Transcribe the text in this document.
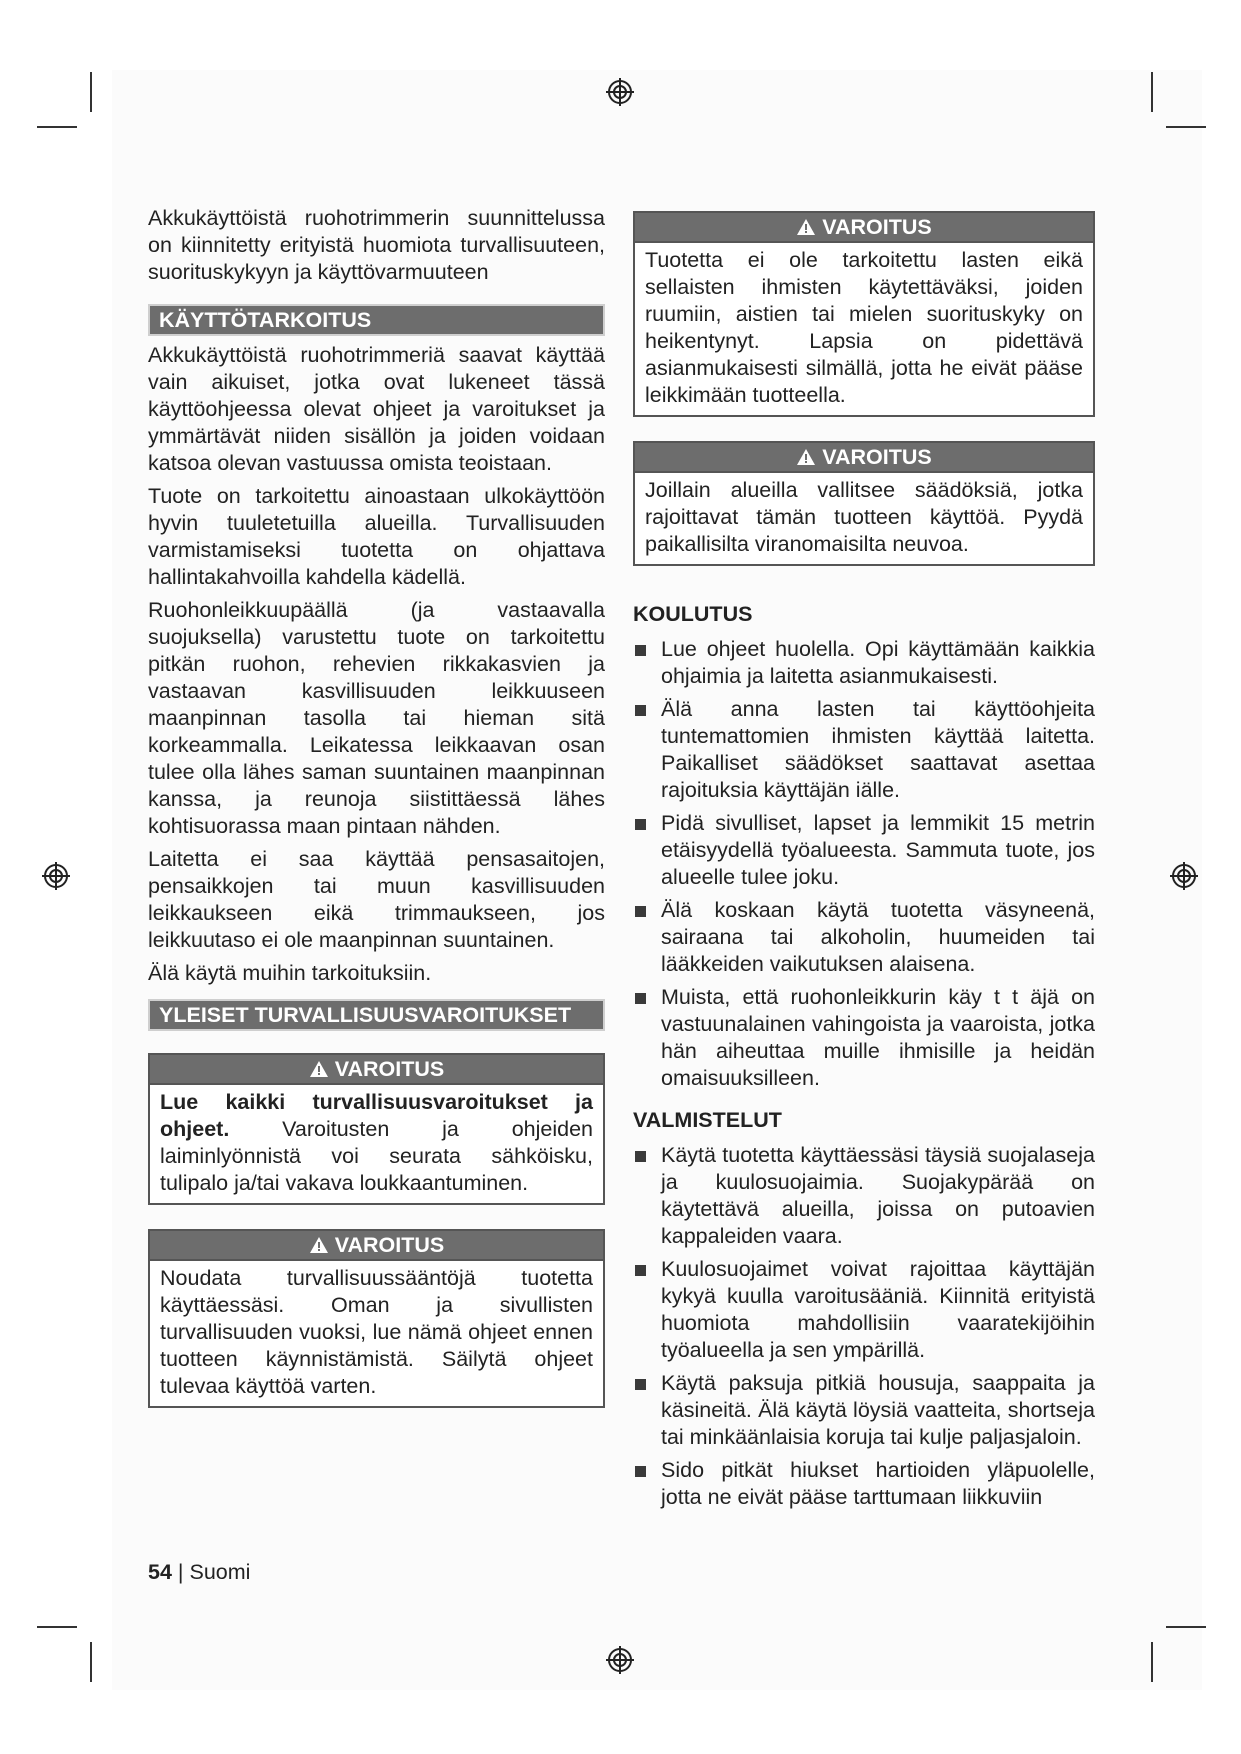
Akkukäyttöistä ruohotrimmerin suunnittelussa on kiinnitetty erityistä huomiota turvallisuuteen, suorituskykyyn ja käyttövarmuuteen

KÄYTTÖTARKOITUS

Akkukäyttöistä ruohotrimmeriä saavat käyttää vain aikuiset, jotka ovat lukeneet tässä käyttöohjeessa olevat ohjeet ja varoitukset ja ymmärtävät niiden sisällön ja joiden voidaan katsoa olevan vastuussa omista teoistaan.

Tuote on tarkoitettu ainoastaan ulkokäyttöön hyvin tuuletetuilla alueilla. Turvallisuuden varmistamiseksi tuotetta on ohjattava hallintakahvoilla kahdella kädellä.

Ruohonleikkuupäällä (ja vastaavalla suojuksella) varustettu tuote on tarkoitettu pitkän ruohon, rehevien rikkakasvien ja vastaavan kasvillisuuden leikkuuseen maanpinnan tasolla tai hieman sitä korkeammalla. Leikatessa leikkaavan osan tulee olla lähes saman suuntainen maanpinnan kanssa, ja reunoja siistittäessä lähes kohtisuorassa maan pintaan nähden.

Laitetta ei saa käyttää pensasaitojen, pensaikkojen tai muun kasvillisuuden leikkaukseen eikä trimmaukseen, jos leikkuutaso ei ole maanpinnan suuntainen.

Älä käytä muihin tarkoituksiin.

YLEISET TURVALLISUUSVAROITUKSET
VAROITUS

Lue kaikki turvallisuusvaroitukset ja ohjeet. Varoitusten ja ohjeiden laiminlyönnistä voi seurata sähköisku, tulipalo ja/tai vakava loukkaantuminen.

VAROITUS

Noudata turvallisuussääntöjä tuotetta käyttäessäsi. Oman ja sivullisten turvallisuuden vuoksi, lue nämä ohjeet ennen tuotteen käynnistämistä. Säilytä ohjeet tulevaa käyttöä varten.

VAROITUS

Tuotetta ei ole tarkoitettu lasten eikä sellaisten ihmisten käytettäväksi, joiden ruumiin, aistien tai mielen suorituskyky on heikentynyt. Lapsia on pidettävä asianmukaisesti silmällä, jotta he eivät pääse leikkimään tuotteella.

VAROITUS

Joillain alueilla vallitsee säädöksiä, jotka rajoittavat tämän tuotteen käyttöä. Pyydä paikallisilta viranomaisilta neuvoa.

KOULUTUS

Lue ohjeet huolella. Opi käyttämään kaikkia ohjaimia ja laitetta asianmukaisesti.

Älä anna lasten tai käyttöohjeita tuntemattomien ihmisten käyttää laitetta. Paikalliset säädökset saattavat asettaa rajoituksia käyttäjän iälle.

Pidä sivulliset, lapset ja lemmikit 15 metrin etäisyydellä työalueesta. Sammuta tuote, jos alueelle tulee joku.

Älä koskaan käytä tuotetta väsyneenä, sairaana tai alkoholin, huumeiden tai lääkkeiden vaikutuksen alaisena.

Muista, että ruohonleikkurin käy t t äjä on vastuunalainen vahingoista ja vaaroista, jotka hän aiheuttaa muille ihmisille ja heidän omaisuuksilleen.

VALMISTELUT

Käytä tuotetta käyttäessäsi täysiä suojalaseja ja kuulosuojaimia. Suojakypärää on käytettävä alueilla, joissa on putoavien kappaleiden vaara.

Kuulosuojaimet voivat rajoittaa käyttäjän kykyä kuulla varoitusääniä. Kiinnitä erityistä huomiota mahdollisiin vaaratekijöihin työalueella ja sen ympärillä.

Käytä paksuja pitkiä housuja, saappaita ja käsineitä. Älä käytä löysiä vaatteita, shortseja tai minkäänlaisia koruja tai kulje paljasjaloin.

Sido pitkät hiukset hartioiden yläpuolelle, jotta ne eivät pääse tarttumaan liikkuviin

54 | Suomi
